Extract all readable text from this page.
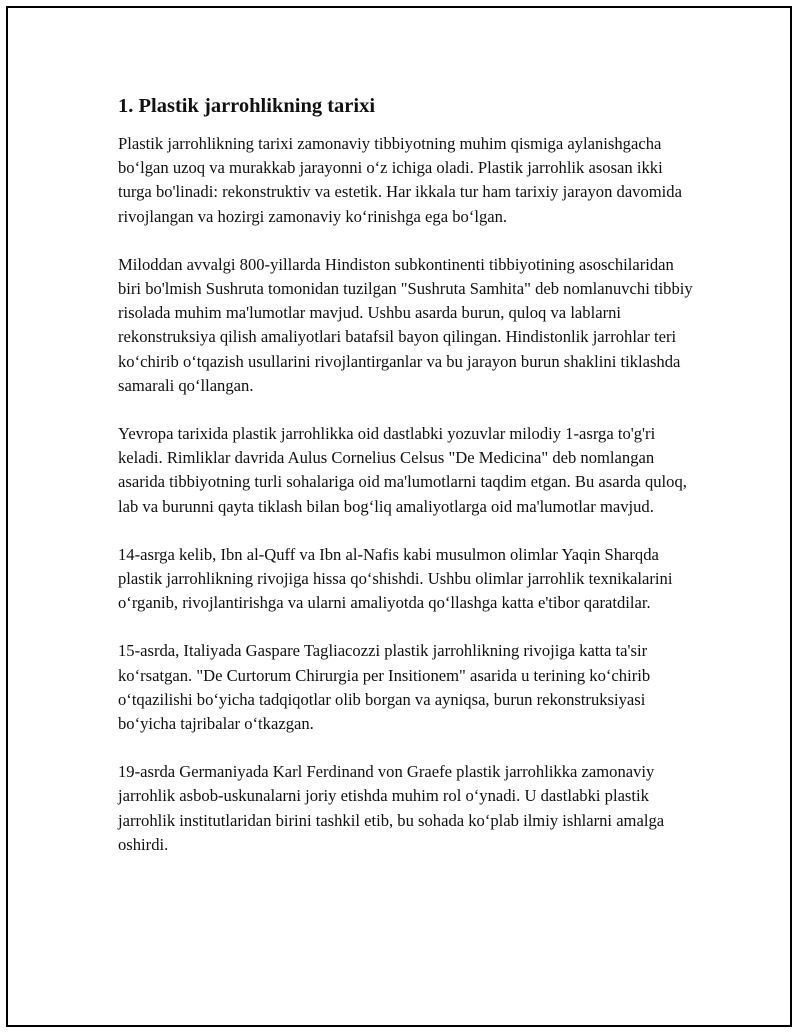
1. Plastik jarrohlikning tarixi

Plastik jarrohlikning tarixi zamonaviy tibbiyotning muhim qismiga aylanishgacha bo‘lgan uzoq va murakkab jarayonni o‘z ichiga oladi. Plastik jarrohlik asosan ikki turga bo'linadi: rekonstruktiv va estetik. Har ikkala tur ham tarixiy jarayon davomida rivojlangan va hozirgi zamonaviy ko‘rinishga ega bo‘lgan.

Miloddan avvalgi 800-yillarda Hindiston subkontinenti tibbiyotining asoschilaridan biri bo'lmish Sushruta tomonidan tuzilgan "Sushruta Samhita" deb nomlanuvchi tibbiy risolada muhim ma'lumotlar mavjud. Ushbu asarda burun, quloq va lablarni rekonstruksiya qilish amaliyotlari batafsil bayon qilingan. Hindistonlik jarrohlar teri ko‘chirib o‘tqazish usullarini rivojlantirganlar va bu jarayon burun shaklini tiklashda samarali qo‘llangan.

Yevropa tarixida plastik jarrohlikka oid dastlabki yozuvlar milodiy 1-asrga to'g'ri keladi. Rimliklar davrida Aulus Cornelius Celsus "De Medicina" deb nomlangan asarida tibbiyotning turli sohalariga oid ma'lumotlarni taqdim etgan. Bu asarda quloq, lab va burunni qayta tiklash bilan bog‘liq amaliyotlarga oid ma'lumotlar mavjud.

14-asrga kelib, Ibn al-Quff va Ibn al-Nafis kabi musulmon olimlar Yaqin Sharqda plastik jarrohlikning rivojiga hissa qo‘shishdi. Ushbu olimlar jarrohlik texnikalarini o‘rganib, rivojlantirishga va ularni amaliyotda qo‘llashga katta e'tibor qaratdilar.

15-asrda, Italiyada Gaspare Tagliacozzi plastik jarrohlikning rivojiga katta ta'sir ko‘rsatgan. "De Curtorum Chirurgia per Insitionem" asarida u terining ko‘chirib o‘tqazilishi bo‘yicha tadqiqotlar olib borgan va ayniqsa, burun rekonstruksiyasi bo‘yicha tajribalar o‘tkazgan.

19-asrda Germaniyada Karl Ferdinand von Graefe plastik jarrohlikka zamonaviy jarrohlik asbob-uskunalarni joriy etishda muhim rol o‘ynadi. U dastlabki plastik jarrohlik institutlaridan birini tashkil etib, bu sohada ko‘plab ilmiy ishlarni amalga oshirdi.
